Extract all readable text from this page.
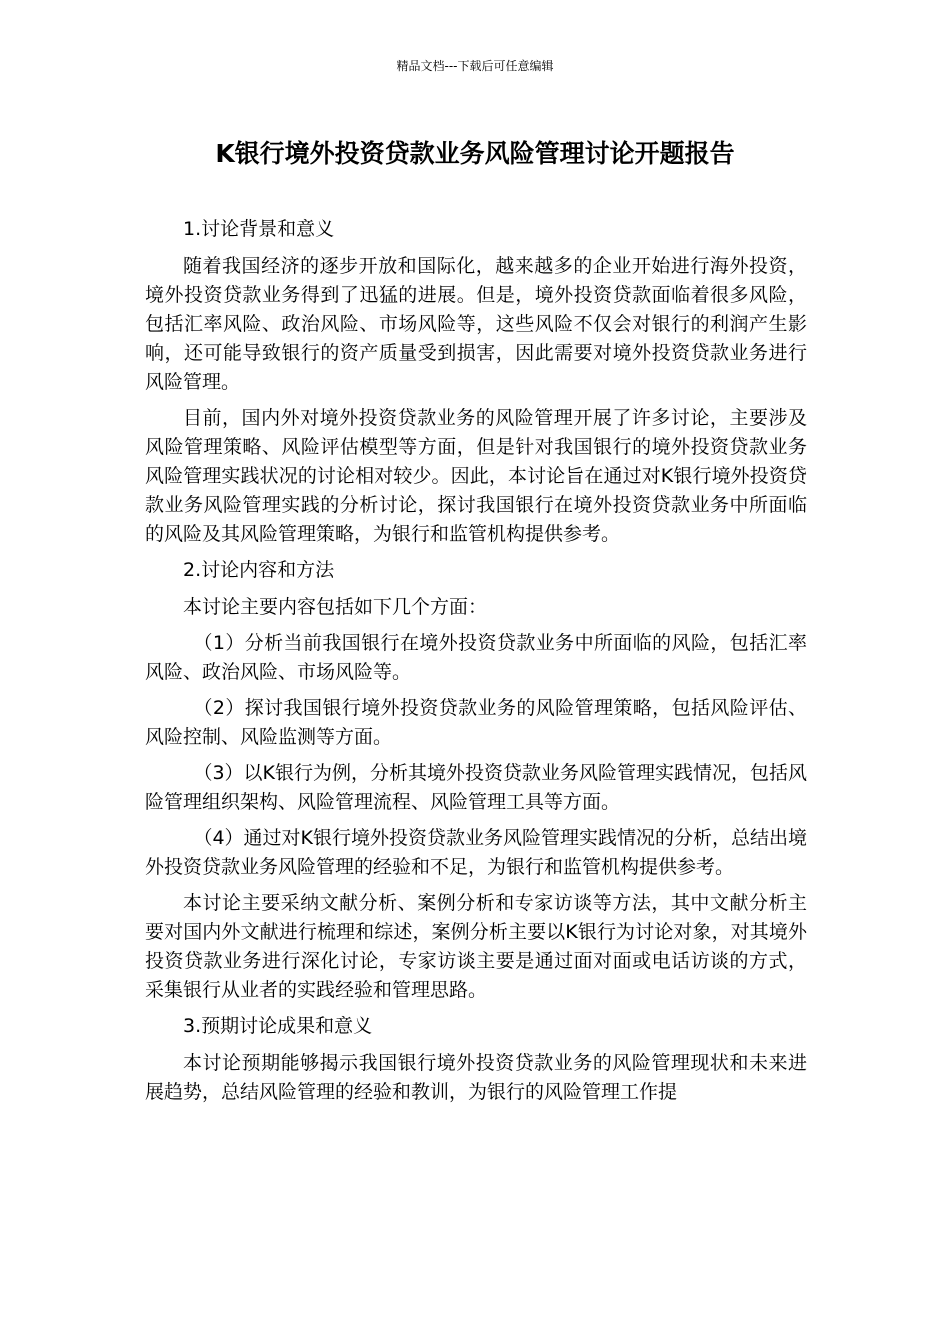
精品文档---下载后可任意编辑
K银行境外投资贷款业务风险管理讨论开题报告

1.讨论背景和意义

随着我国经济的逐步开放和国际化，越来越多的企业开始进行海外投资，境外投资贷款业务得到了迅猛的进展。但是，境外投资贷款面临着很多风险，包括汇率风险、政治风险、市场风险等，这些风险不仅会对银行的利润产生影响，还可能导致银行的资产质量受到损害，因此需要对境外投资贷款业务进行风险管理。

目前，国内外对境外投资贷款业务的风险管理开展了许多讨论，主要涉及风险管理策略、风险评估模型等方面，但是针对我国银行的境外投资贷款业务风险管理实践状况的讨论相对较少。因此，本讨论旨在通过对K银行境外投资贷款业务风险管理实践的分析讨论，探讨我国银行在境外投资贷款业务中所面临的风险及其风险管理策略，为银行和监管机构提供参考。

2.讨论内容和方法

本讨论主要内容包括如下几个方面：

（1）分析当前我国银行在境外投资贷款业务中所面临的风险，包括汇率风险、政治风险、市场风险等。

（2）探讨我国银行境外投资贷款业务的风险管理策略，包括风险评估、风险控制、风险监测等方面。

（3）以K银行为例，分析其境外投资贷款业务风险管理实践情况，包括风险管理组织架构、风险管理流程、风险管理工具等方面。

（4）通过对K银行境外投资贷款业务风险管理实践情况的分析，总结出境外投资贷款业务风险管理的经验和不足，为银行和监管机构提供参考。

本讨论主要采纳文献分析、案例分析和专家访谈等方法，其中文献分析主要对国内外文献进行梳理和综述，案例分析主要以K银行为讨论对象，对其境外投资贷款业务进行深化讨论，专家访谈主要是通过面对面或电话访谈的方式，采集银行从业者的实践经验和管理思路。

3.预期讨论成果和意义

本讨论预期能够揭示我国银行境外投资贷款业务的风险管理现状和未来进展趋势，总结风险管理的经验和教训，为银行的风险管理工作提
